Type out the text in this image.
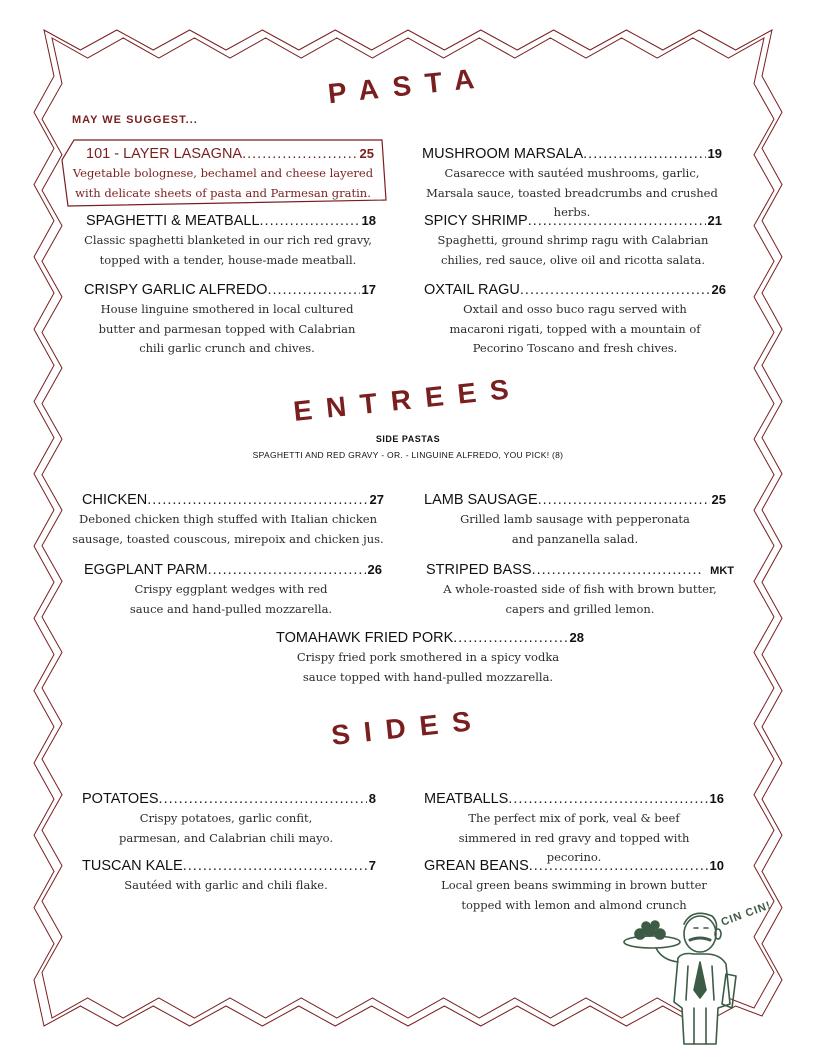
PASTA
MAY WE SUGGEST...
101 - LAYER LASAGNA .....	25
Vegetable bolognese, bechamel and cheese layered with delicate sheets of pasta and Parmesan gratin.
MUSHROOM MARSALA .....	19
Casarecce with sautéed mushrooms, garlic, Marsala sauce, toasted breadcrumbs and crushed herbs.
SPAGHETTI & MEATBALL .....	18
Classic spaghetti blanketed in our rich red gravy, topped with a tender, house-made meatball.
SPICY SHRIMP .....	21
Spaghetti, ground shrimp ragu with Calabrian chilies, red sauce, olive oil and ricotta salata.
CRISPY GARLIC ALFREDO .....	17
House linguine smothered in local cultured butter and parmesan topped with Calabrian chili garlic crunch and chives.
OXTAIL RAGU .....	26
Oxtail and osso buco ragu served with macaroni rigati, topped with a mountain of Pecorino Toscano and fresh chives.
ENTREES
SIDE PASTAS
SPAGHETTI AND RED GRAVY - OR. - LINGUINE ALFREDO, YOU PICK! (8)
CHICKEN .....	27
Deboned chicken thigh stuffed with Italian chicken sausage, toasted couscous, mirepoix and chicken jus.
LAMB SAUSAGE .....	25
Grilled lamb sausage with pepperonata and panzanella salad.
EGGPLANT PARM .....	26
Crispy eggplant wedges with red sauce and hand-pulled mozzarella.
STRIPED BASS .....	MKT
A whole-roasted side of fish with brown butter, capers and grilled lemon.
TOMAHAWK FRIED PORK .....	28
Crispy fried pork smothered in a spicy vodka sauce topped with hand-pulled mozzarella.
SIDES
POTATOES .....	8
Crispy potatoes, garlic confit, parmesan, and Calabrian chili mayo.
MEATBALLS .....	16
The perfect mix of pork, veal & beef simmered in red gravy and topped with pecorino.
TUSCAN KALE .....	7
Sautéed with garlic and chili flake.
GREAN BEANS .....	10
Local green beans swimming in brown butter topped with lemon and almond crunch	CIN CIN!
